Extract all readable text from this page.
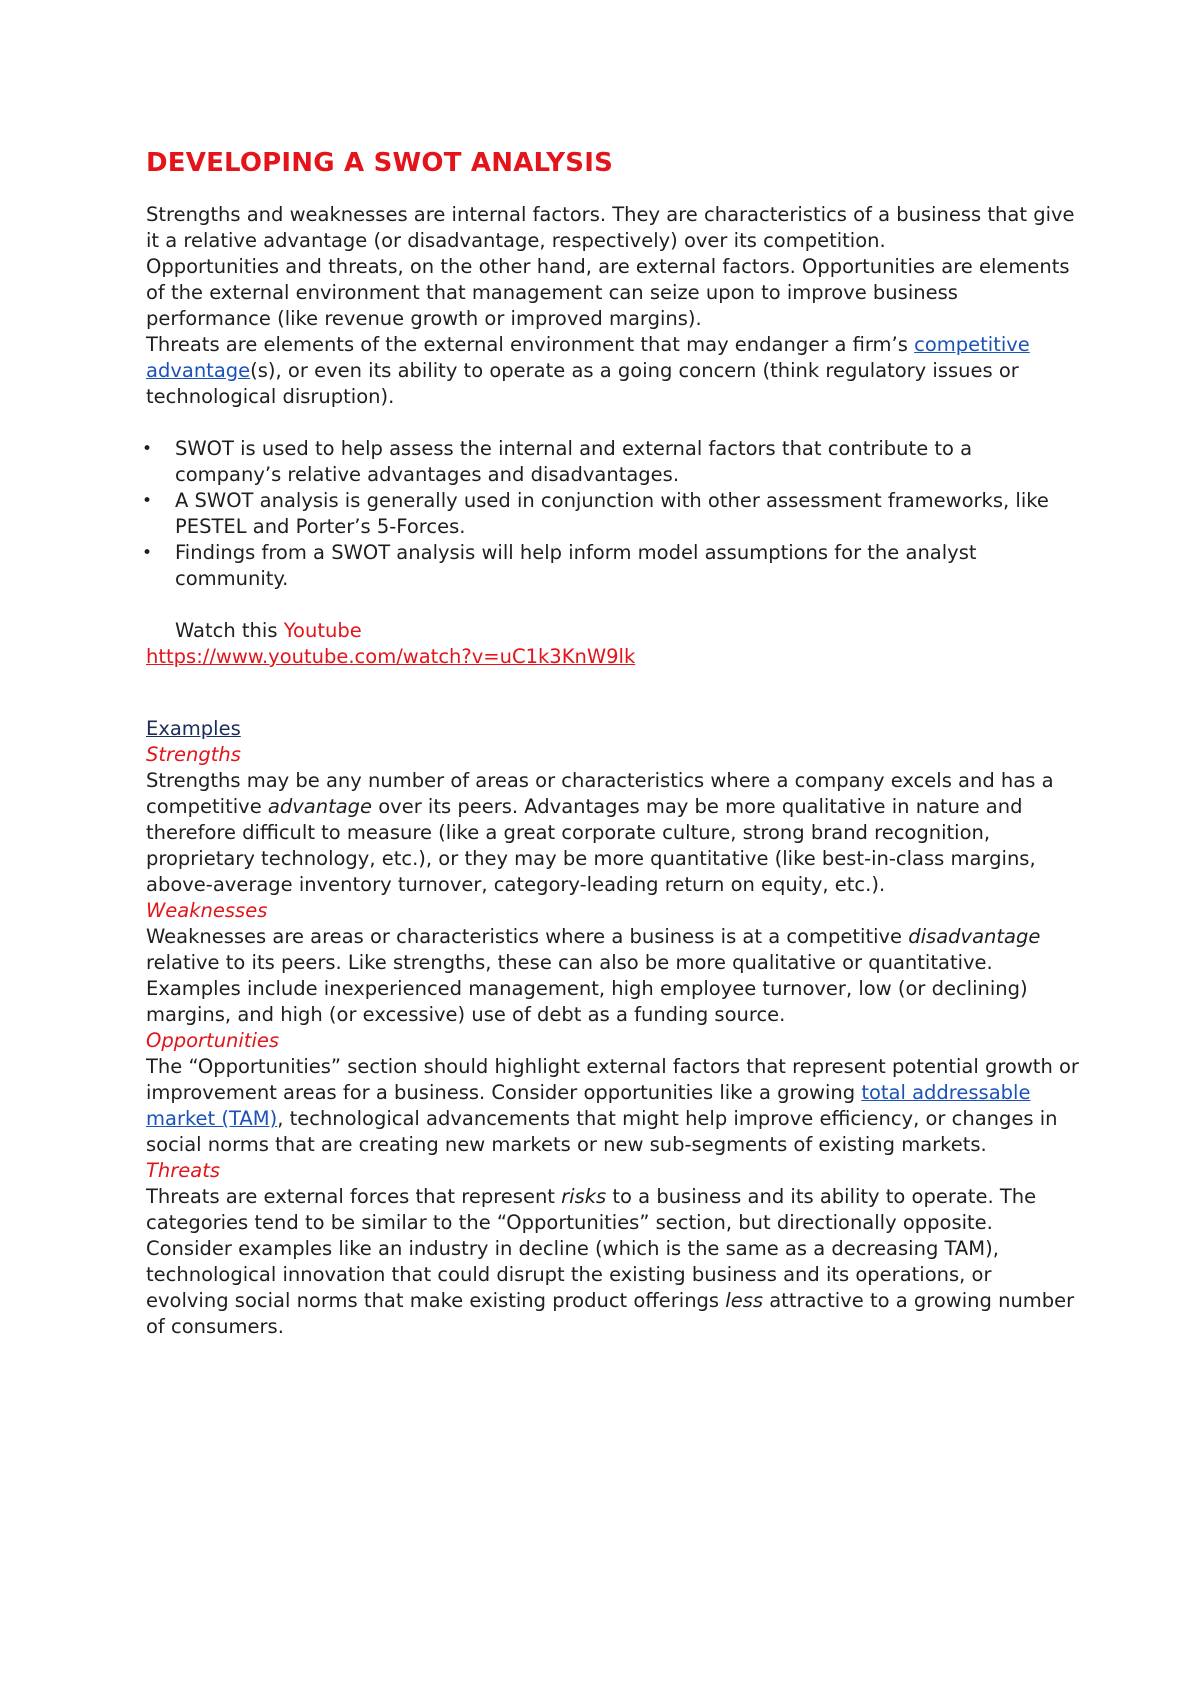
DEVELOPING A SWOT ANALYSIS

Strengths and weaknesses are internal factors. They are characteristics of a business that give it a relative advantage (or disadvantage, respectively) over its competition.

Opportunities and threats, on the other hand, are external factors. Opportunities are elements of the external environment that management can seize upon to improve business performance (like revenue growth or improved margins).

Threats are elements of the external environment that may endanger a firm’s competitive advantage(s), or even its ability to operate as a going concern (think regulatory issues or technological disruption).

• SWOT is used to help assess the internal and external factors that contribute to a company’s relative advantages and disadvantages.
• A SWOT analysis is generally used in conjunction with other assessment frameworks, like PESTEL and Porter’s 5-Forces.
• Findings from a SWOT analysis will help inform model assumptions for the analyst community.

Watch this Youtube

https://www.youtube.com/watch?v=uC1k3KnW9lk

Examples

Strengths

Strengths may be any number of areas or characteristics where a company excels and has a competitive advantage over its peers. Advantages may be more qualitative in nature and therefore difficult to measure (like a great corporate culture, strong brand recognition, proprietary technology, etc.), or they may be more quantitative (like best-in-class margins, above-average inventory turnover, category-leading return on equity, etc.).

Weaknesses

Weaknesses are areas or characteristics where a business is at a competitive disadvantage relative to its peers. Like strengths, these can also be more qualitative or quantitative. Examples include inexperienced management, high employee turnover, low (or declining) margins, and high (or excessive) use of debt as a funding source.

Opportunities

The “Opportunities” section should highlight external factors that represent potential growth or improvement areas for a business. Consider opportunities like a growing total addressable market (TAM), technological advancements that might help improve efficiency, or changes in social norms that are creating new markets or new sub-segments of existing markets.

Threats

Threats are external forces that represent risks to a business and its ability to operate. The categories tend to be similar to the “Opportunities” section, but directionally opposite. Consider examples like an industry in decline (which is the same as a decreasing TAM), technological innovation that could disrupt the existing business and its operations, or evolving social norms that make existing product offerings less attractive to a growing number of consumers.
